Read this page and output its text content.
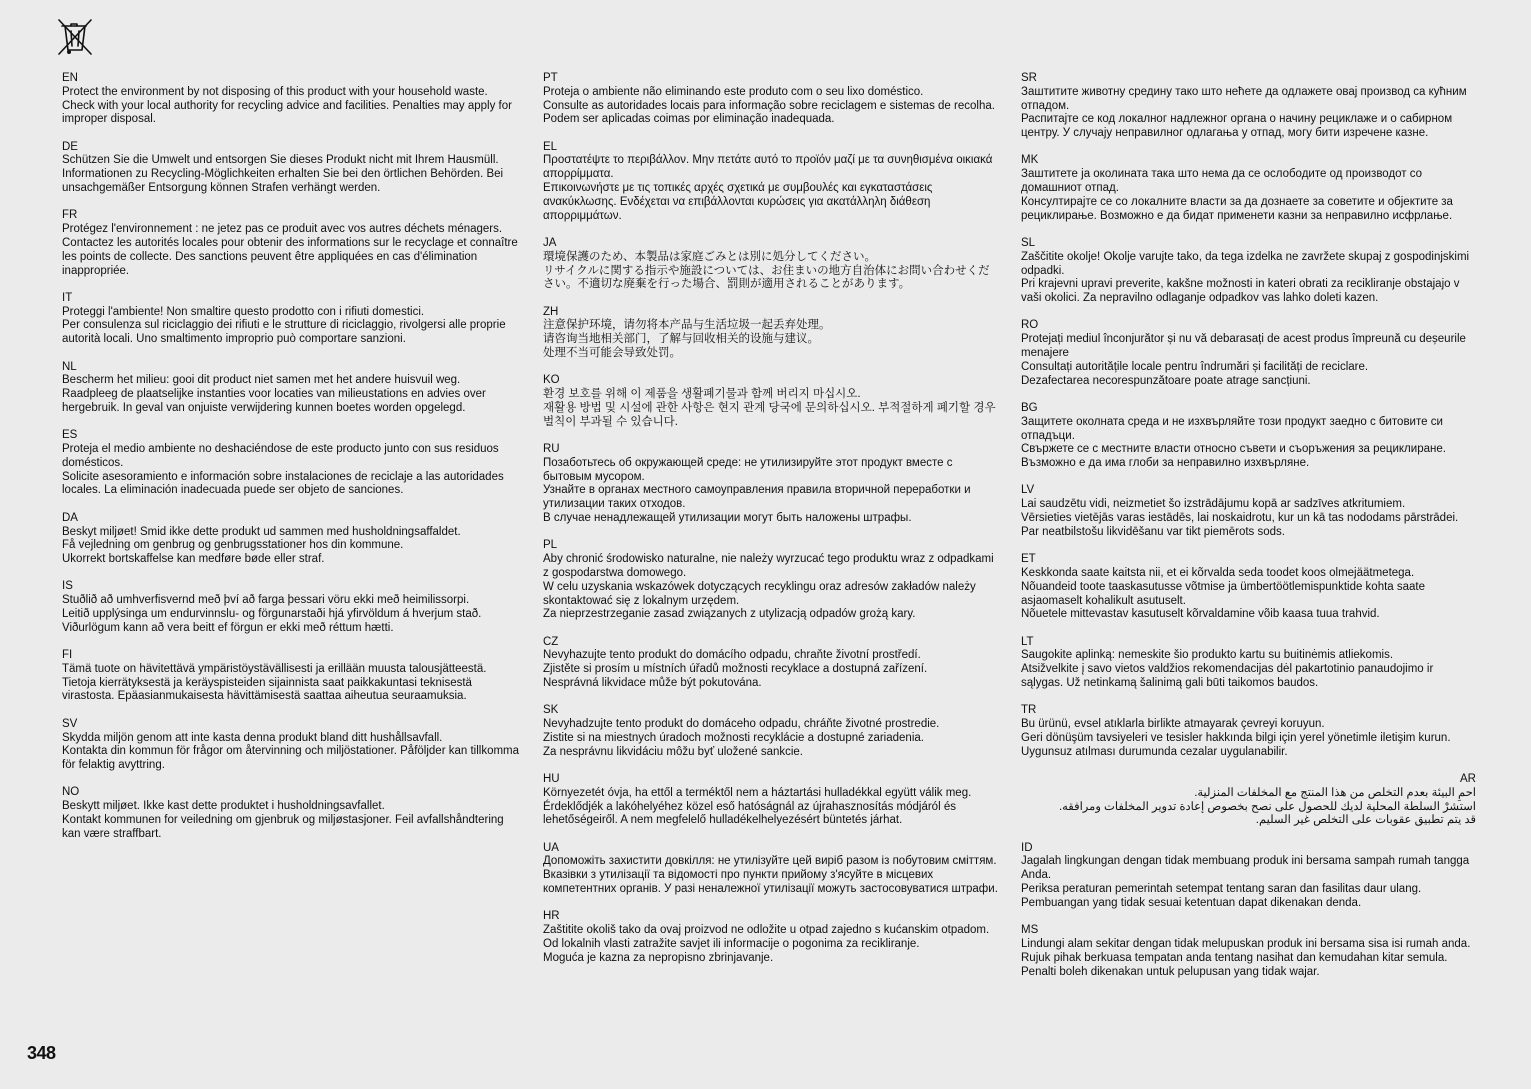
EN

Protect the environment by not disposing of this product with your household waste.

Check with your local authority for recycling advice and facilities. Penalties may apply for improper disposal.

DE

Schützen Sie die Umwelt und entsorgen Sie dieses Produkt nicht mit Ihrem Hausmüll.

Informationen zu Recycling-Möglichkeiten erhalten Sie bei den örtlichen Behörden. Bei unsachgemäßer Entsorgung können Strafen verhängt werden.

FR

Protégez l'environnement : ne jetez pas ce produit avec vos autres déchets ménagers.

Contactez les autorités locales pour obtenir des informations sur le recyclage et connaître les points de collecte. Des sanctions peuvent être appliquées en cas d'élimination inappropriée.

IT

Proteggi l'ambiente! Non smaltire questo prodotto con i rifiuti domestici.

Per consulenza sul riciclaggio dei rifiuti e le strutture di riciclaggio, rivolgersi alle proprie autorità locali. Uno smaltimento improprio può comportare sanzioni.

NL

Bescherm het milieu: gooi dit product niet samen met het andere huisvuil weg.

Raadpleeg de plaatselijke instanties voor locaties van milieustations en advies over hergebruik. In geval van onjuiste verwijdering kunnen boetes worden opgelegd.

ES

Proteja el medio ambiente no deshaciéndose de este producto junto con sus residuos domésticos.

Solicite asesoramiento e información sobre instalaciones de reciclaje a las autoridades locales. La eliminación inadecuada puede ser objeto de sanciones.

DA

Beskyt miljøet! Smid ikke dette produkt ud sammen med husholdningsaffaldet.

Få vejledning om genbrug og genbrugsstationer hos din kommune.

Ukorrekt bortskaffelse kan medføre bøde eller straf.

IS

Stuðlið að umhverfisvernd með því að farga þessari vöru ekki með heimilissorpi.

Leitið upplýsinga um endurvinnslu- og förgunarstaði hjá yfirvöldum á hverjum stað. Viðurlögum kann að vera beitt ef förgun er ekki með réttum hætti.

FI

Tämä tuote on hävitettävä ympäristöystävällisesti ja erillään muusta talousjätteestä.

Tietoja kierrätyksestä ja keräyspisteiden sijainnista saat paikkakuntasi teknisestä virastosta. Epäasianmukaisesta hävittämisestä saattaa aiheutua seuraamuksia.

SV

Skydda miljön genom att inte kasta denna produkt bland ditt hushållsavfall.

Kontakta din kommun för frågor om återvinning och miljöstationer. Påföljder kan tillkomma för felaktig avyttring.

NO

Beskytt miljøet. Ikke kast dette produktet i husholdningsavfallet.

Kontakt kommunen for veiledning om gjenbruk og miljøstasjoner. Feil avfallshåndtering kan være straffbart.

PT

Proteja o ambiente não eliminando este produto com o seu lixo doméstico.

Consulte as autoridades locais para informação sobre reciclagem e sistemas de recolha. Podem ser aplicadas coimas por eliminação inadequada.

EL

Προστατέψτε το περιβάλλον. Μην πετάτε αυτό το προϊόν μαζί με τα συνηθισμένα οικιακά απορρίμματα.

Επικοινωνήστε με τις τοπικές αρχές σχετικά με συμβουλές και εγκαταστάσεις ανακύκλωσης. Ενδέχεται να επιβάλλονται κυρώσεις για ακατάλληλη διάθεση απορριμμάτων.

JA

環境保護のため、本製品は家庭ごみとは別に処分してください。

リサイクルに関する指示や施設については、お住まいの地方自治体にお問い合わせください。不適切な廃棄を行った場合、罰則が適用されることがあります。

ZH

注意保护环境，请勿将本产品与生活垃圾一起丢弃处理。

请咨询当地相关部门，了解与回收相关的设施与建议。

处理不当可能会导致处罚。

KO

환경 보호를 위해 이 제품을 생활폐기물과 함께 버리지 마십시오.

재활용 방법 및 시설에 관한 사항은 현지 관계 당국에 문의하십시오. 부적절하게 폐기할 경우 벌칙이 부과될 수 있습니다.

RU

Позаботьтесь об окружающей среде: не утилизируйте этот продукт вместе с бытовым мусором.

Узнайте в органах местного самоуправления правила вторичной переработки и утилизации таких отходов.

В случае ненадлежащей утилизации могут быть наложены штрафы.

PL

Aby chronić środowisko naturalne, nie należy wyrzucać tego produktu wraz z odpadkami z gospodarstwa domowego.

W celu uzyskania wskazówek dotyczących recyklingu oraz adresów zakładów należy skontaktować się z lokalnym urzędem.

Za nieprzestrzeganie zasad związanych z utylizacją odpadów grożą kary.

CZ

Nevyhazujte tento produkt do domácího odpadu, chraňte životní prostředí.

Zjistěte si prosím u místních úřadů možnosti recyklace a dostupná zařízení.

Nesprávná likvidace může být pokutována.

SK

Nevyhadzujte tento produkt do domáceho odpadu, chráňte životné prostredie.

Zistite si na miestnych úradoch možnosti recyklácie a dostupné zariadenia.

Za nesprávnu likvidáciu môžu byť uložené sankcie.

HU

Környezetét óvja, ha ettől a terméktől nem a háztartási hulladékkal együtt válik meg.

Érdeklődjék a lakóhelyéhez közel eső hatóságnál az újrahasznosítás módjáról és lehetőségeiről. A nem megfelelő hulladékelhelyezésért büntetés járhat.

UA

Допоможіть захистити довкілля: не утилізуйте цей виріб разом із побутовим сміттям.

Вказівки з утилізації та відомості про пункти прийому з'ясуйте в місцевих компетентних органів. У разі неналежної утилізації можуть застосовуватися штрафи.

HR

Zaštitite okoliš tako da ovaj proizvod ne odložite u otpad zajedno s kućanskim otpadom.

Od lokalnih vlasti zatražite savjet ili informacije o pogonima za recikliranje.

Moguća je kazna za nepropisno zbrinjavanje.

SR

Заштитите животну средину тако што нећете да одлажете овај производ са кућним отпадом.

Распитајте се код локалног надлежног органа о начину рециклаже и о сабирном центру. У случају неправилног одлагања у отпад, могу бити изречене казне.

MK

Заштитете ја околината така што нема да се ослободите од производот со домашниот отпад.

Консултирајте се со локалните власти за да дознаете за советите и објектите за рециклирање. Возможно е да бидат применети казни за неправилно исфрлање.

SL

Zaščitite okolje! Okolje varujte tako, da tega izdelka ne zavržete skupaj z gospodinjskimi odpadki.

Pri krajevni upravi preverite, kakšne možnosti in kateri obrati za recikliranje obstajajo v vaši okolici. Za nepravilno odlaganje odpadkov vas lahko doleti kazen.

RO

Protejați mediul înconjurător și nu vă debarasați de acest produs împreună cu deșeurile menajere

Consultați autoritățile locale pentru îndrumări și facilități de reciclare.

Dezafectarea necorespunzătoare poate atrage sancțiuni.

BG

Защитете околната среда и не изхвърляйте този продукт заедно с битовите си отпадъци.

Свържете се с местните власти относно съвети и съоръжения за рециклиране. Възможно е да има глоби за неправилно изхвърляне.

LV

Lai saudzētu vidi, neizmetiet šo izstrādājumu kopā ar sadzīves atkritumiem.

Vērsieties vietējās varas iestādēs, lai noskaidrotu, kur un kā tas nododams pārstrādei. Par neatbilstošu likvidēšanu var tikt piemērots sods.

ET

Keskkonda saate kaitsta nii, et ei kõrvalda seda toodet koos olmejäätmetega.

Nõuandeid toote taaskasutusse võtmise ja ümbertöötlemispunktide kohta saate asjaomaselt kohalikult asutuselt.

Nõuetele mittevastav kasutuselt kõrvaldamine võib kaasa tuua trahvid.

LT

Saugokite aplinką: nemeskite šio produkto kartu su buitinėmis atliekomis.

Atsižvelkite į savo vietos valdžios rekomendacijas dėl pakartotinio panaudojimo ir sąlygas. Už netinkamą šalinimą gali būti taikomos baudos.

TR

Bu ürünü, evsel atıklarla birlikte atmayarak çevreyi koruyun.

Geri dönüşüm tavsiyeleri ve tesisler hakkında bilgi için yerel yönetimle iletişim kurun. Uygunsuz atılması durumunda cezalar uygulanabilir.

AR

احمِ البيئة بعدم التخلص من هذا المنتج مع المخلفات المنزلية.

استشرْ السلطة المحلية لديك للحصول على نصح بخصوص إعادة تدوير المخلفات ومرافقه.

قد يتم تطبيق عقوبات على التخلص غير السليم.

ID

Jagalah lingkungan dengan tidak membuang produk ini bersama sampah rumah tangga Anda.

Periksa peraturan pemerintah setempat tentang saran dan fasilitas daur ulang. Pembuangan yang tidak sesuai ketentuan dapat dikenakan denda.

MS

Lindungi alam sekitar dengan tidak melupuskan produk ini bersama sisa isi rumah anda.

Rujuk pihak berkuasa tempatan anda tentang nasihat dan kemudahan kitar semula. Penalti boleh dikenakan untuk pelupusan yang tidak wajar.

348
